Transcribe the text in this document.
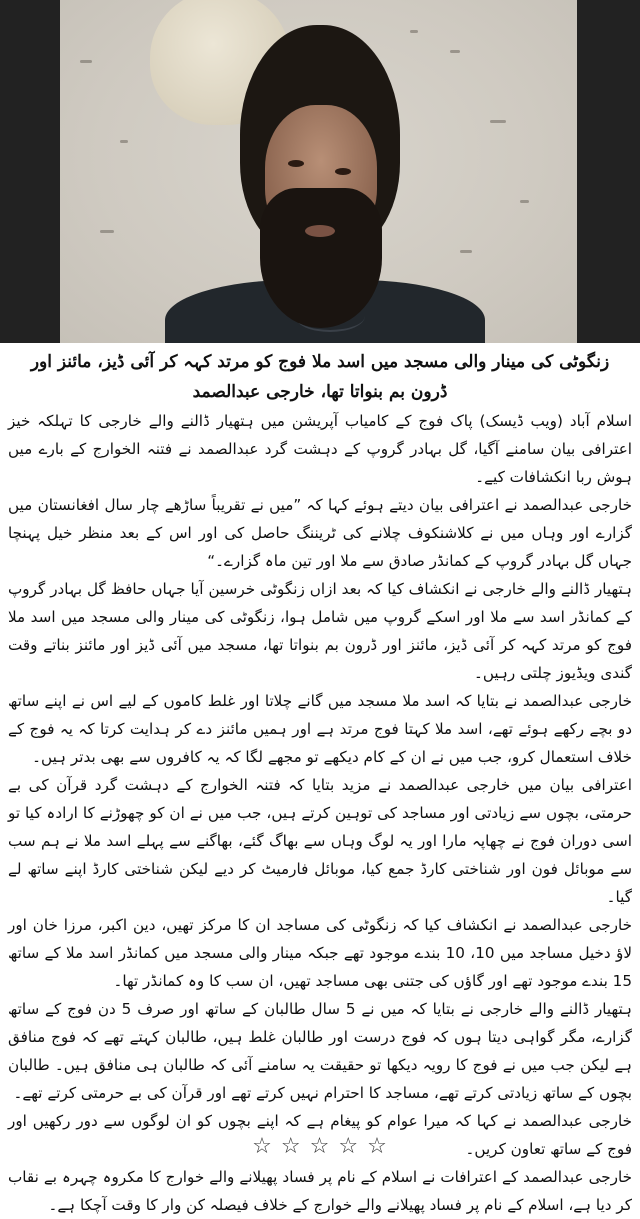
زنگوٹی کی مینار والی مسجد میں اسد ملا فوج کو مرتد کہہ کر آئی ڈیز، مائنز اور ڈرون بم بنواتا تھا، خارجی عبدالصمد

اسلام آباد (ویب ڈیسک) پاک فوج کے کامیاب آپریشن میں ہتھیار ڈالنے والے خارجی کا تہلکہ خیز اعترافی بیان سامنے آگیا، گل بہادر گروپ کے دہشت گرد عبدالصمد نے فتنہ الخوارج کے بارے میں ہوش ربا انکشافات کیے۔

خارجی عبدالصمد نے اعترافی بیان دیتے ہوئے کہا کہ ”میں نے تقریباً ساڑھے چار سال افغانستان میں گزارے اور وہاں میں نے کلاشنکوف چلانے کی ٹریننگ حاصل کی اور اس کے بعد منظر خیل پہنچا جہاں گل بہادر گروپ کے کمانڈر صادق سے ملا اور تین ماہ گزارے۔“

ہتھیار ڈالنے والے خارجی نے انکشاف کیا کہ بعد ازاں زنگوٹی خرسین آیا جہاں حافظ گل بہادر گروپ کے کمانڈر اسد سے ملا اور اسکے گروپ میں شامل ہوا، زنگوٹی کی مینار والی مسجد میں اسد ملا فوج کو مرتد کہہ کر آئی ڈیز، مائنز اور ڈرون بم بنواتا تھا، مسجد میں آئی ڈیز اور مائنز بناتے وقت گندی ویڈیوز چلتی رہیں۔

خارجی عبدالصمد نے بتایا کہ اسد ملا مسجد میں گانے چلاتا اور غلط کاموں کے لیے اس نے اپنے ساتھ دو بچے رکھے ہوئے تھے، اسد ملا کہتا فوج مرتد ہے اور ہمیں مائنز دے کر ہدایت کرتا کہ یہ فوج کے خلاف استعمال کرو، جب میں نے ان کے کام دیکھے تو مجھے لگا کہ یہ کافروں سے بھی بدتر ہیں۔

اعترافی بیان میں خارجی عبدالصمد نے مزید بتایا کہ فتنہ الخوارج کے دہشت گرد قرآن کی بے حرمتی، بچوں سے زیادتی اور مساجد کی توہین کرتے ہیں، جب میں نے ان کو چھوڑنے کا ارادہ کیا تو اسی دوران فوج نے چھاپہ مارا اور یہ لوگ وہاں سے بھاگ گئے، بھاگنے سے پہلے اسد ملا نے ہم سب سے موبائل فون اور شناختی کارڈ جمع کیا، موبائل فارمیٹ کر دیے لیکن شناختی کارڈ اپنے ساتھ لے گیا۔

خارجی عبدالصمد نے انکشاف کیا کہ زنگوٹی کی مساجد ان کا مرکز تھیں، دین اکبر، مرزا خان اور لاؤ دخیل مساجد میں 10، 10 بندے موجود تھے جبکہ مینار والی مسجد میں کمانڈر اسد ملا کے ساتھ 15 بندے موجود تھے اور گاؤں کی جتنی بھی مساجد تھیں، ان سب کا وہ کمانڈر تھا۔

ہتھیار ڈالنے والے خارجی نے بتایا کہ میں نے 5 سال طالبان کے ساتھ اور صرف 5 دن فوج کے ساتھ گزارے، مگر گواہی دیتا ہوں کہ فوج درست اور طالبان غلط ہیں، طالبان کہتے تھے کہ فوج منافق ہے لیکن جب میں نے فوج کا رویہ دیکھا تو حقیقت یہ سامنے آئی کہ طالبان ہی منافق ہیں۔ طالبان بچوں کے ساتھ زیادتی کرتے تھے، مساجد کا احترام نہیں کرتے تھے اور قرآن کی بے حرمتی کرتے تھے۔

خارجی عبدالصمد نے کہا کہ میرا عوام کو پیغام ہے کہ اپنے بچوں کو ان لوگوں سے دور رکھیں اور فوج کے ساتھ تعاون کریں۔

خارجی عبدالصمد کے اعترافات نے اسلام کے نام پر فساد پھیلانے والے خوارج کا مکروہ چہرہ بے نقاب کر دیا ہے، اسلام کے نام پر فساد پھیلانے والے خوارج کے خلاف فیصلہ کن وار کا وقت آچکا ہے۔

☆ ☆ ☆ ☆ ☆
